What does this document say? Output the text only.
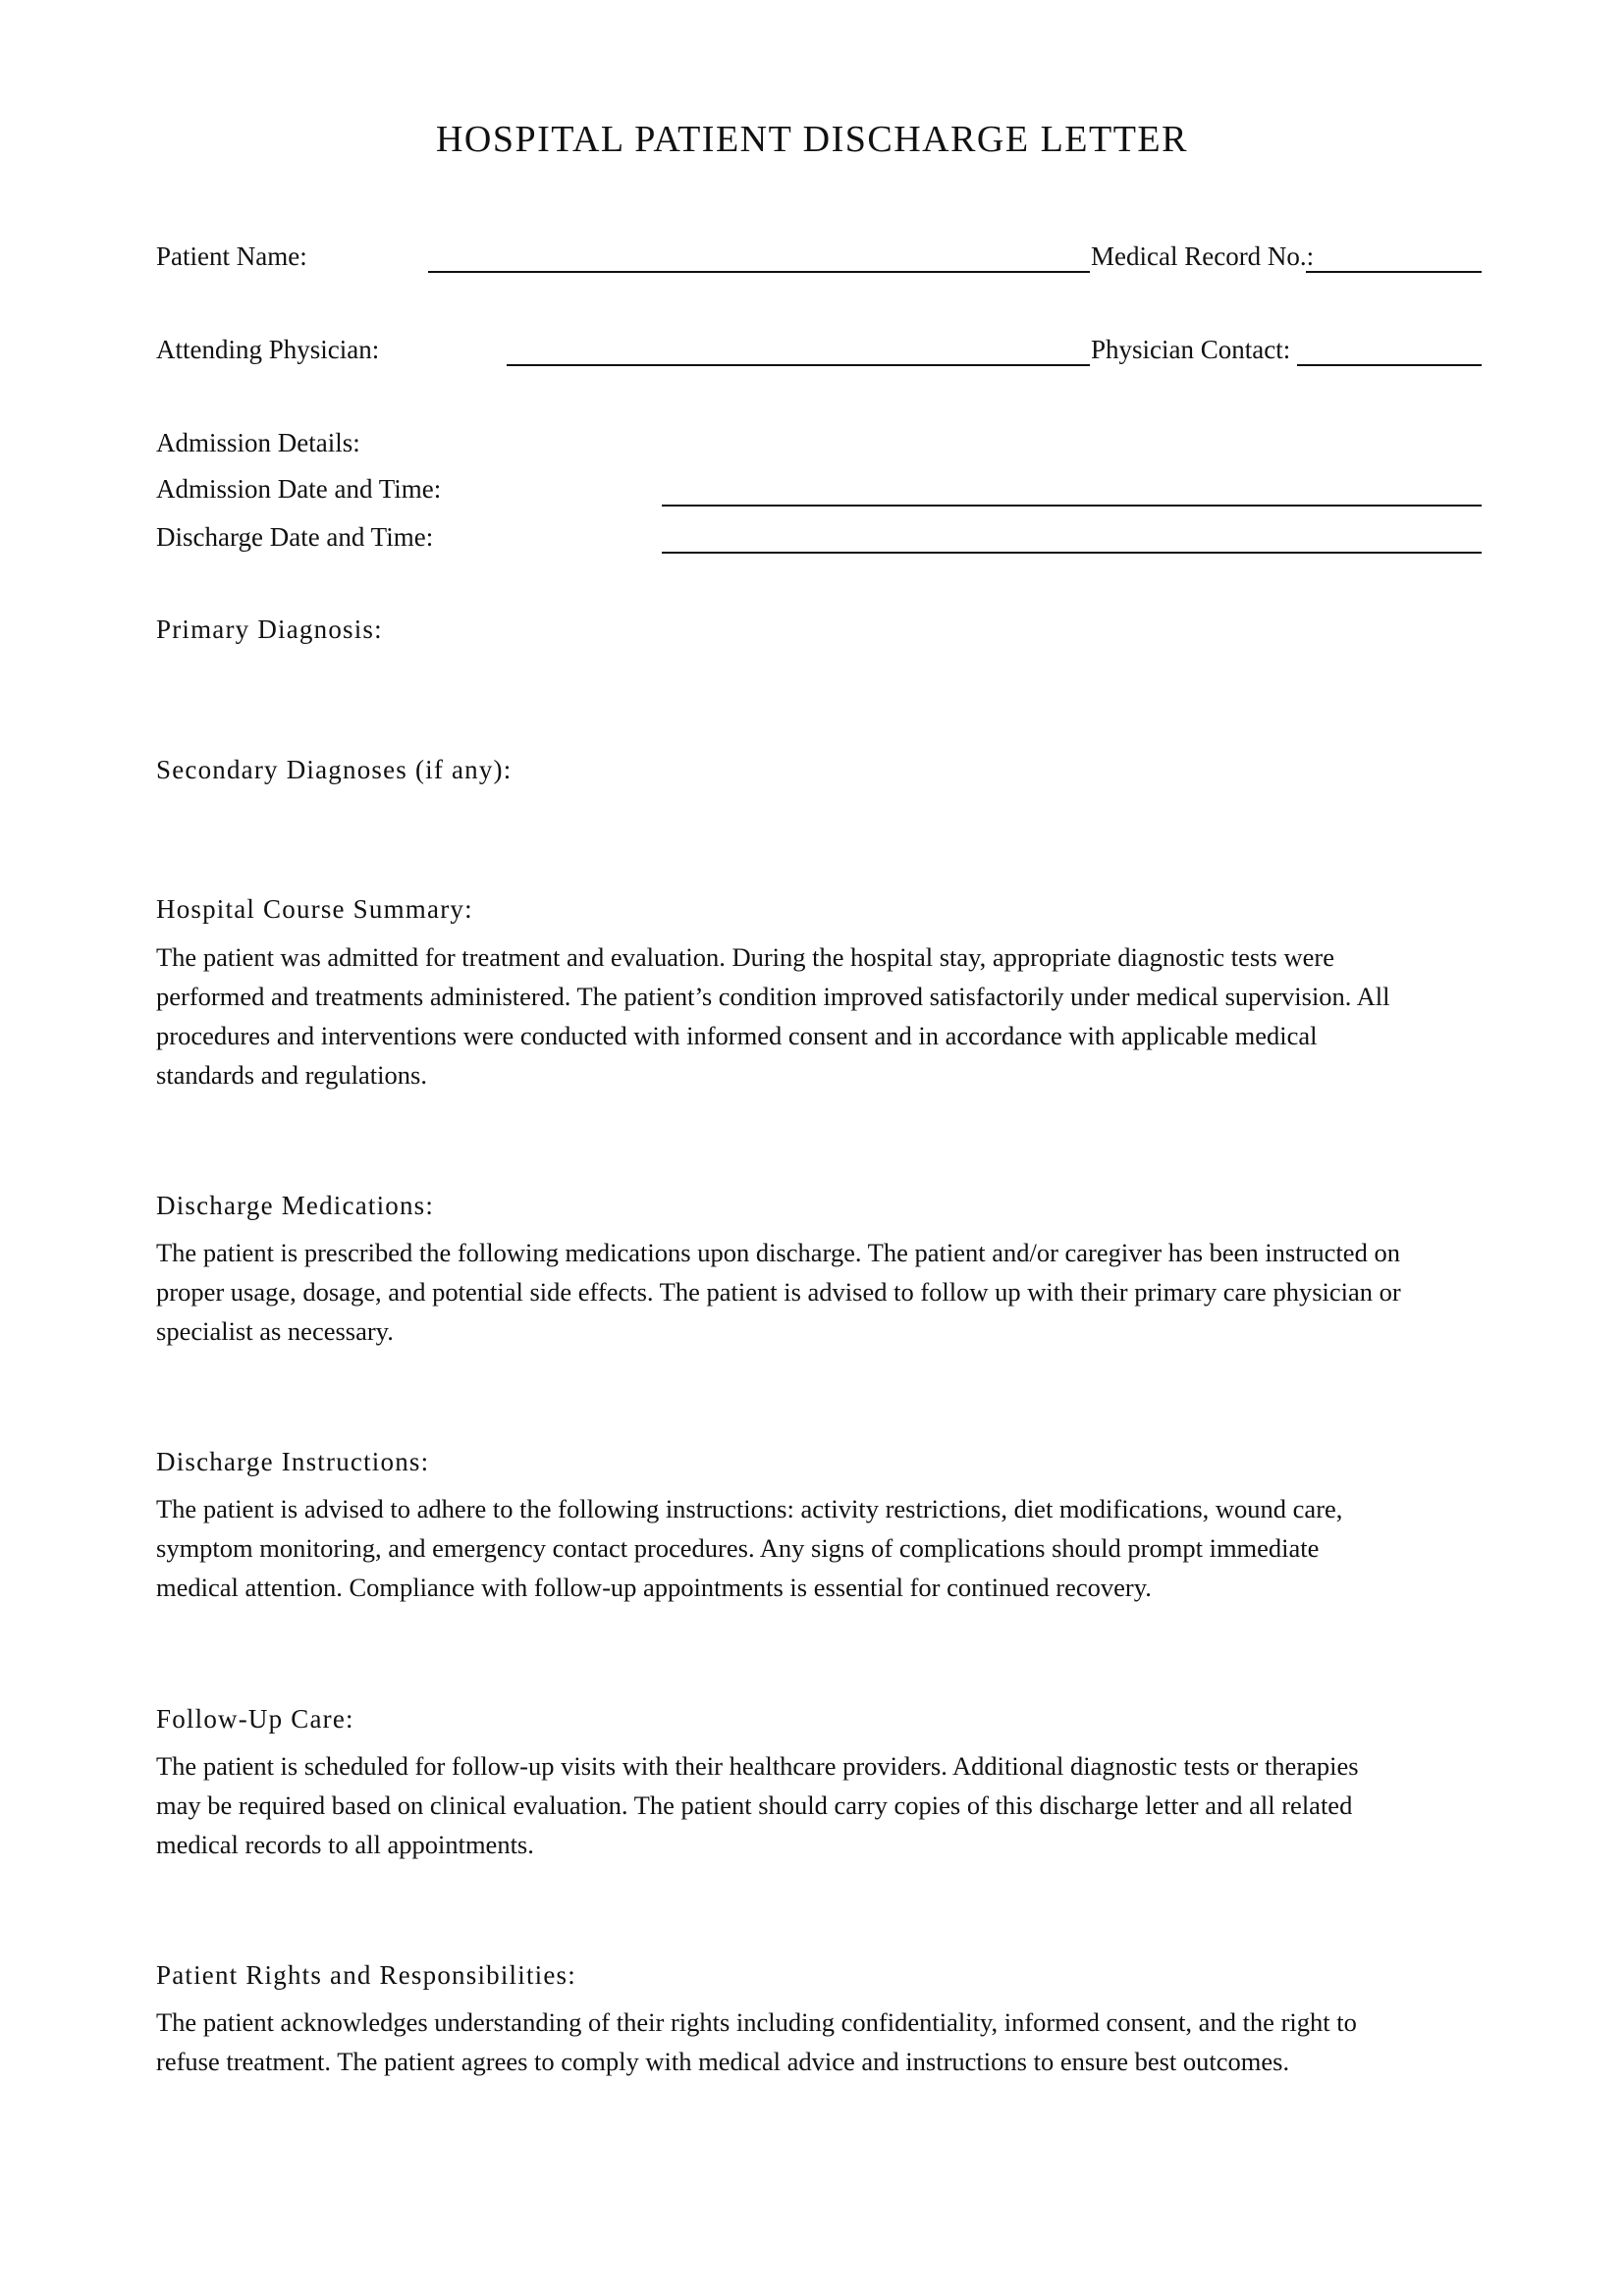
HOSPITAL PATIENT DISCHARGE LETTER
Patient Name:	Medical Record No.:
Attending Physician:	Physician Contact:
Admission Details:
Admission Date and Time:
Discharge Date and Time:
Primary Diagnosis:
Secondary Diagnoses (if any):
Hospital Course Summary:
The patient was admitted for treatment and evaluation. During the hospital stay, appropriate diagnostic tests were
performed and treatments administered. The patient’s condition improved satisfactorily under medical supervision. All
procedures and interventions were conducted with informed consent and in accordance with applicable medical
standards and regulations.
Discharge Medications:
The patient is prescribed the following medications upon discharge. The patient and/or caregiver has been instructed on
proper usage, dosage, and potential side effects. The patient is advised to follow up with their primary care physician or
specialist as necessary.
Discharge Instructions:
The patient is advised to adhere to the following instructions: activity restrictions, diet modifications, wound care,
symptom monitoring, and emergency contact procedures. Any signs of complications should prompt immediate
medical attention. Compliance with follow-up appointments is essential for continued recovery.
Follow-Up Care:
The patient is scheduled for follow-up visits with their healthcare providers. Additional diagnostic tests or therapies
may be required based on clinical evaluation. The patient should carry copies of this discharge letter and all related
medical records to all appointments.
Patient Rights and Responsibilities:
The patient acknowledges understanding of their rights including confidentiality, informed consent, and the right to
refuse treatment. The patient agrees to comply with medical advice and instructions to ensure best outcomes.
